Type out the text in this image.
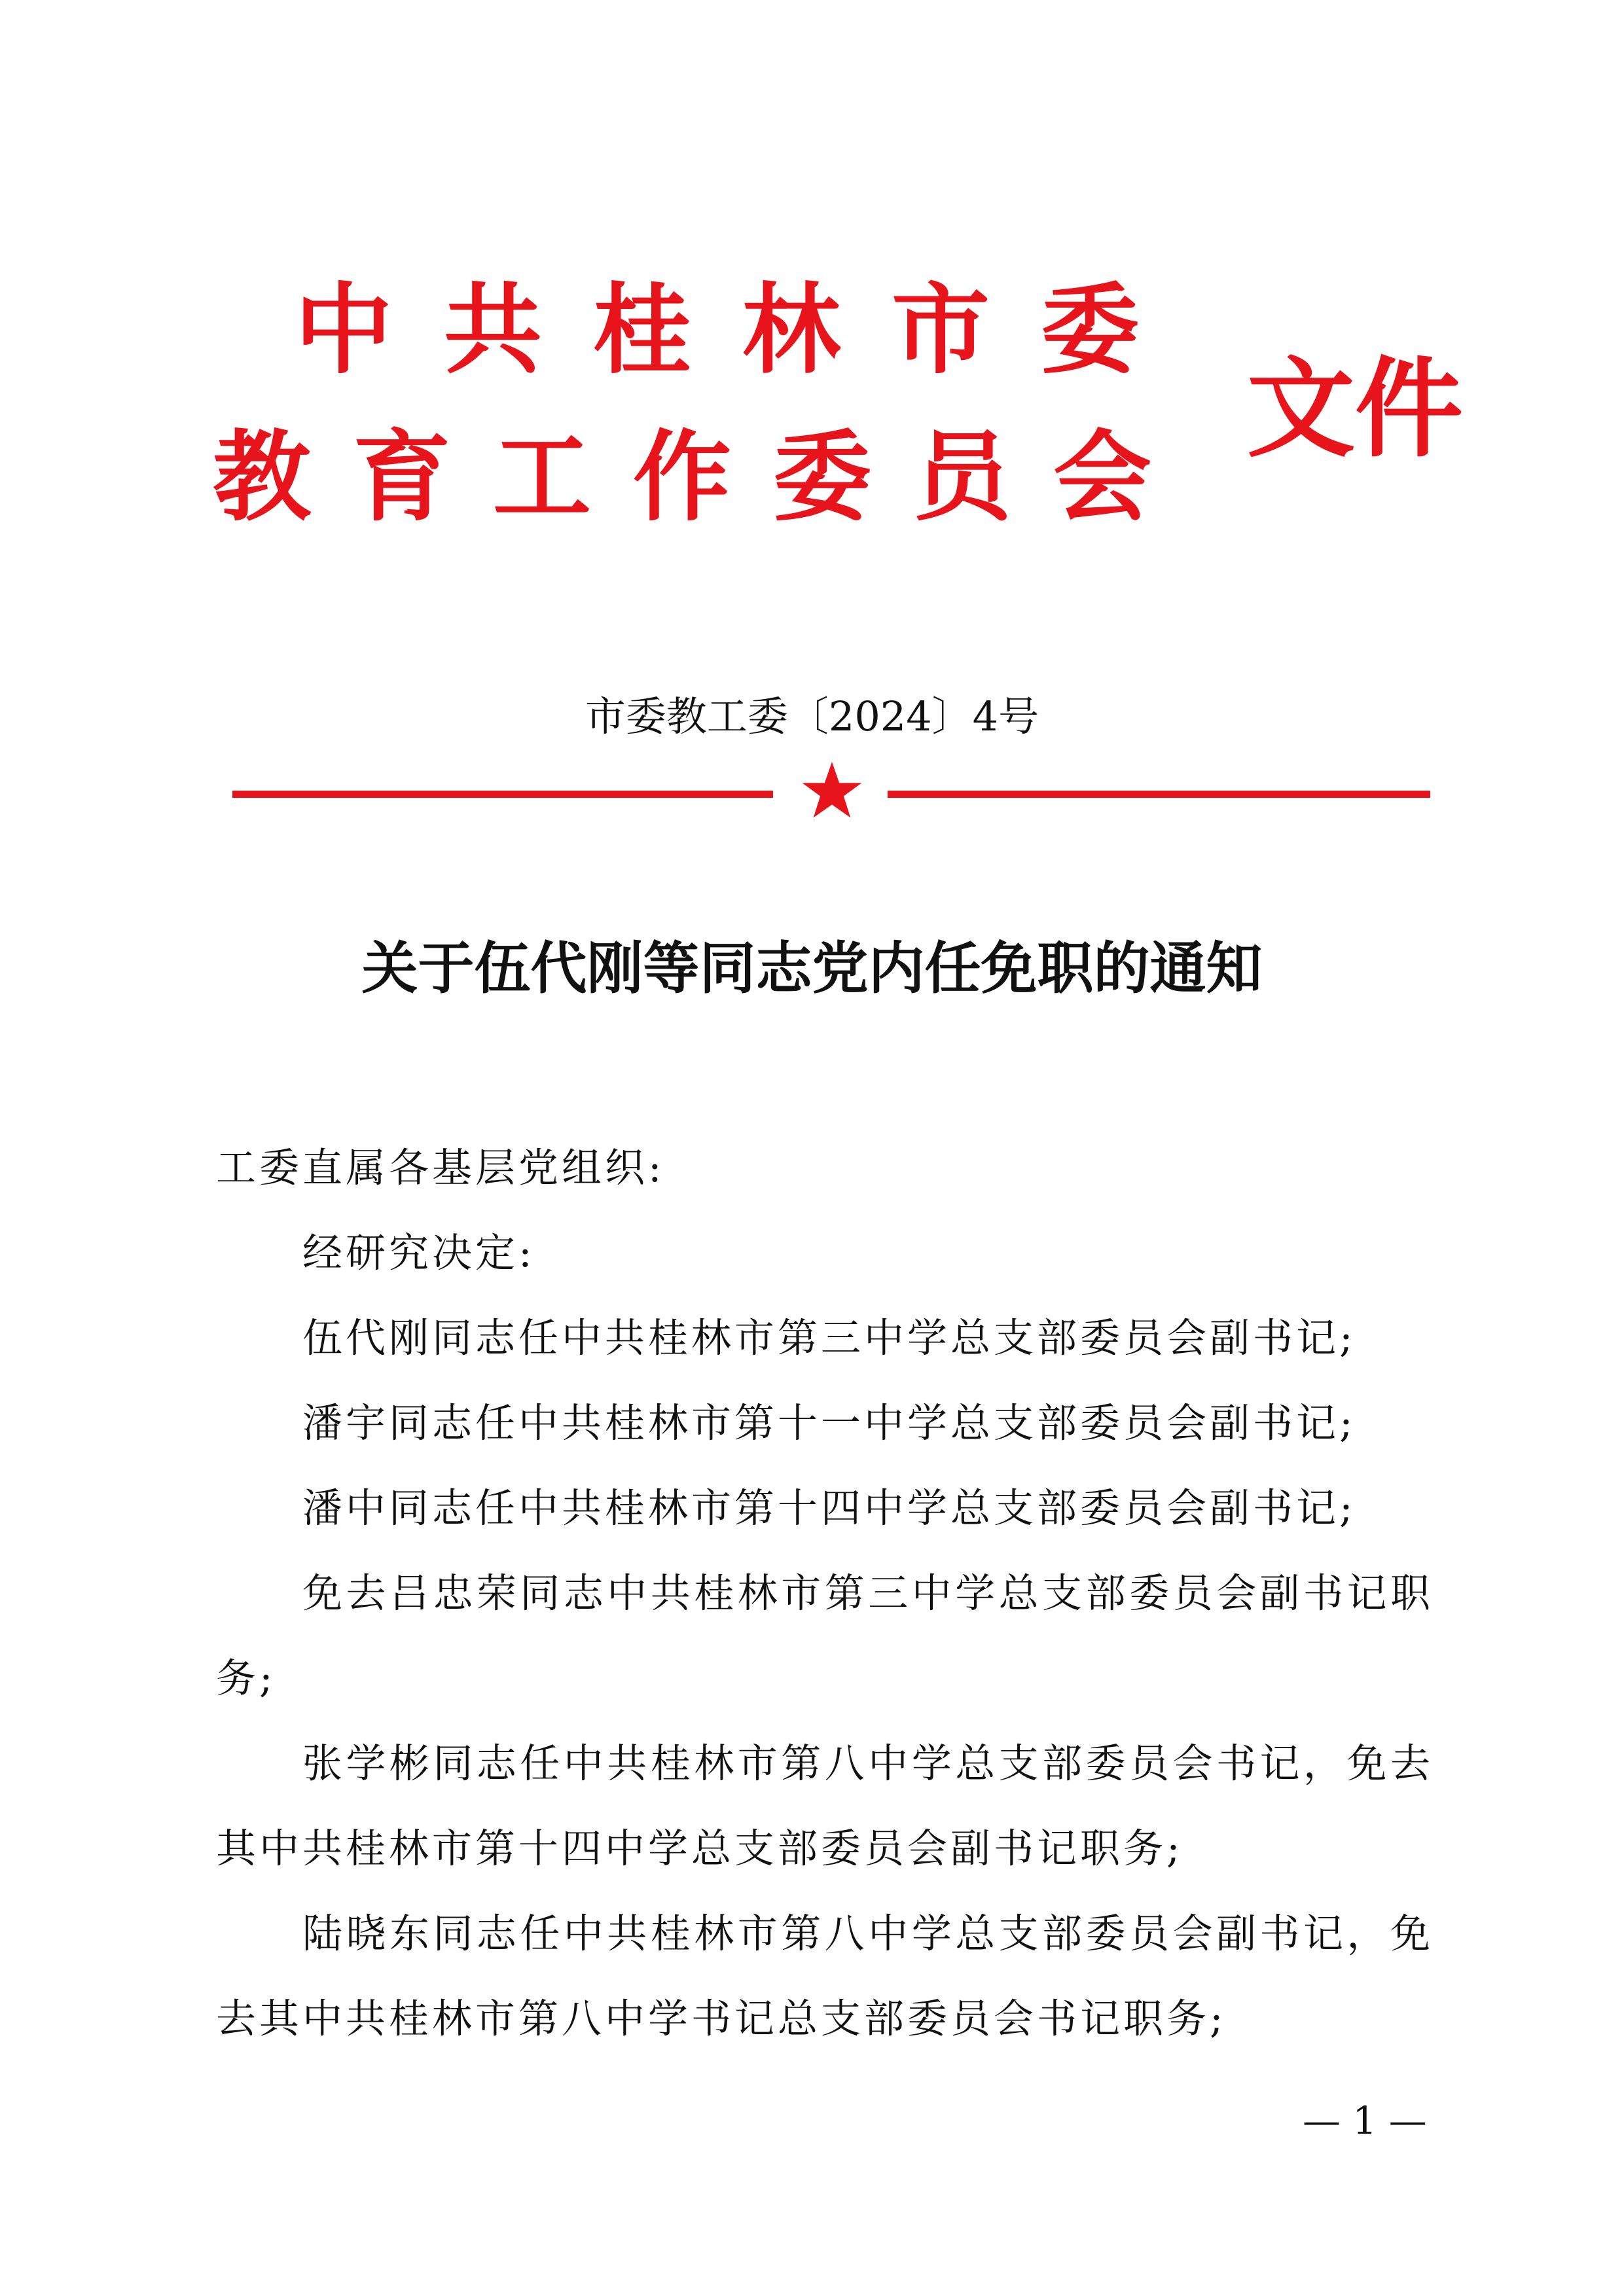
中共桂林市委
教育工作委员会
文件
市委教工委〔2024〕4号
关于伍代刚等同志党内任免职的通知

工委直属各基层党组织:

经研究决定:

伍代刚同志任中共桂林市第三中学总支部委员会副书记;

潘宇同志任中共桂林市第十一中学总支部委员会副书记;

潘中同志任中共桂林市第十四中学总支部委员会副书记;

免去吕忠荣同志中共桂林市第三中学总支部委员会副书记职务;

张学彬同志任中共桂林市第八中学总支部委员会书记，免去其中共桂林市第十四中学总支部委员会副书记职务;

陆晓东同志任中共桂林市第八中学总支部委员会副书记，免去其中共桂林市第八中学书记总支部委员会书记职务;

— 1 —
